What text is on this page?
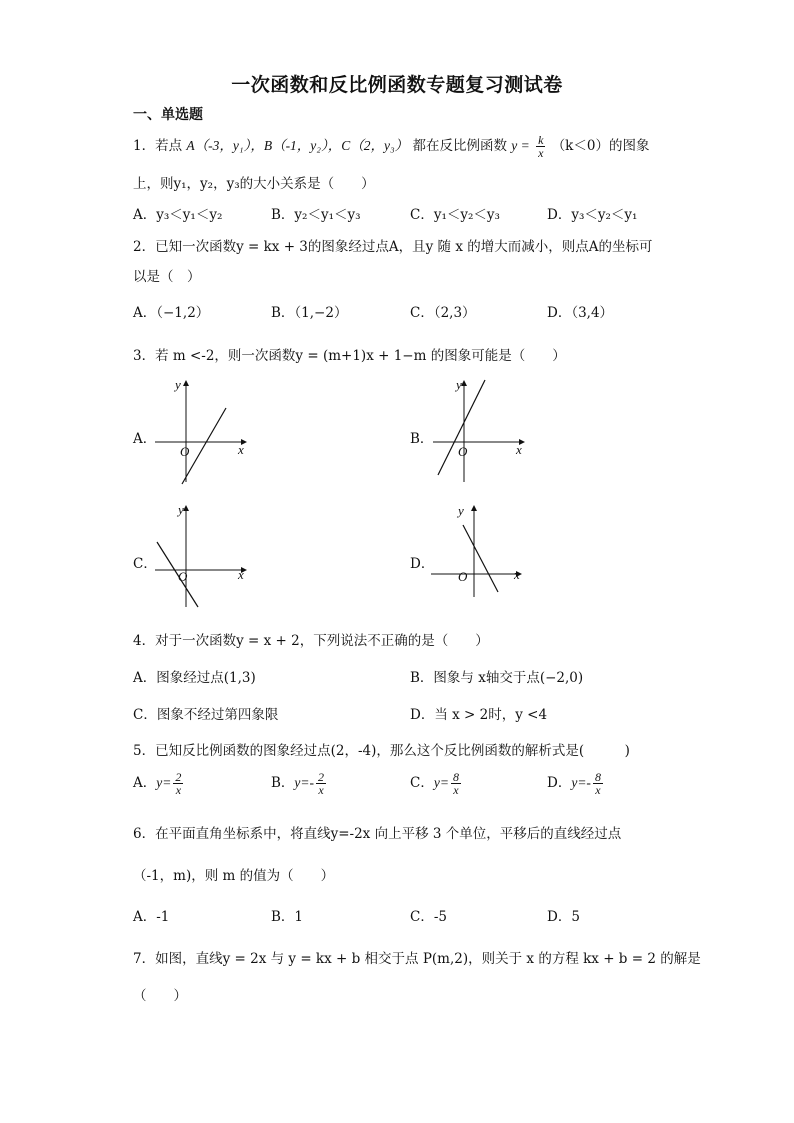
一次函数和反比例函数专题复习测试卷
一、单选题
1．若点 A（-3，y₁），B（-1，y₂），C（2，y₃） 都在反比例函数 $y = \frac{k}{x} (k<0)$的图象
上，则y₁，y₂，y₃的大小关系是（　　）
A．y₃＜y₁＜y₂	B．y₂＜y₁＜y₃	C．y₁＜y₂＜y₃	D．y₃＜y₂＜y₁
2．已知一次函数y = kx + 3的图象经过点A，且y 随 x 的增大而减小，则点A的坐标可
以是（　）
A．（−1,2）	B．（1,−2）	C．（2,3）	D．（3,4）
3．若 m <-2，则一次函数y = (m+1)x + 1−m 的图象可能是（　　）
A．
y
x
O
B．
y
x
O
C．
y
x
O
D．
y
x
O
4．对于一次函数y = x + 2，下列说法不正确的是（　　）
A．图象经过点(1,3)	B．图象与 x轴交于点(−2,0)
C．图象不经过第四象限	D．当 x > 2时，y <4
5．已知反比例函数的图象经过点(2，-4)，那么这个反比例函数的解析式是(　　　)
A．$y= \frac{2}{x}$	B．$y=- \frac{2}{x}$	C．$y= \frac{8}{x}$	D．$y=- \frac{8}{x}$
6．在平面直角坐标系中，将直线y=-2x 向上平移 3 个单位，平移后的直线经过点
（-1，m)，则 m 的值为（　　）
A．-1	B．1	C．-5	D．5
7．如图，直线y = 2x 与 y = kx + b 相交于点 P(m,2)，则关于 x 的方程 kx + b = 2 的解是
（　　）
